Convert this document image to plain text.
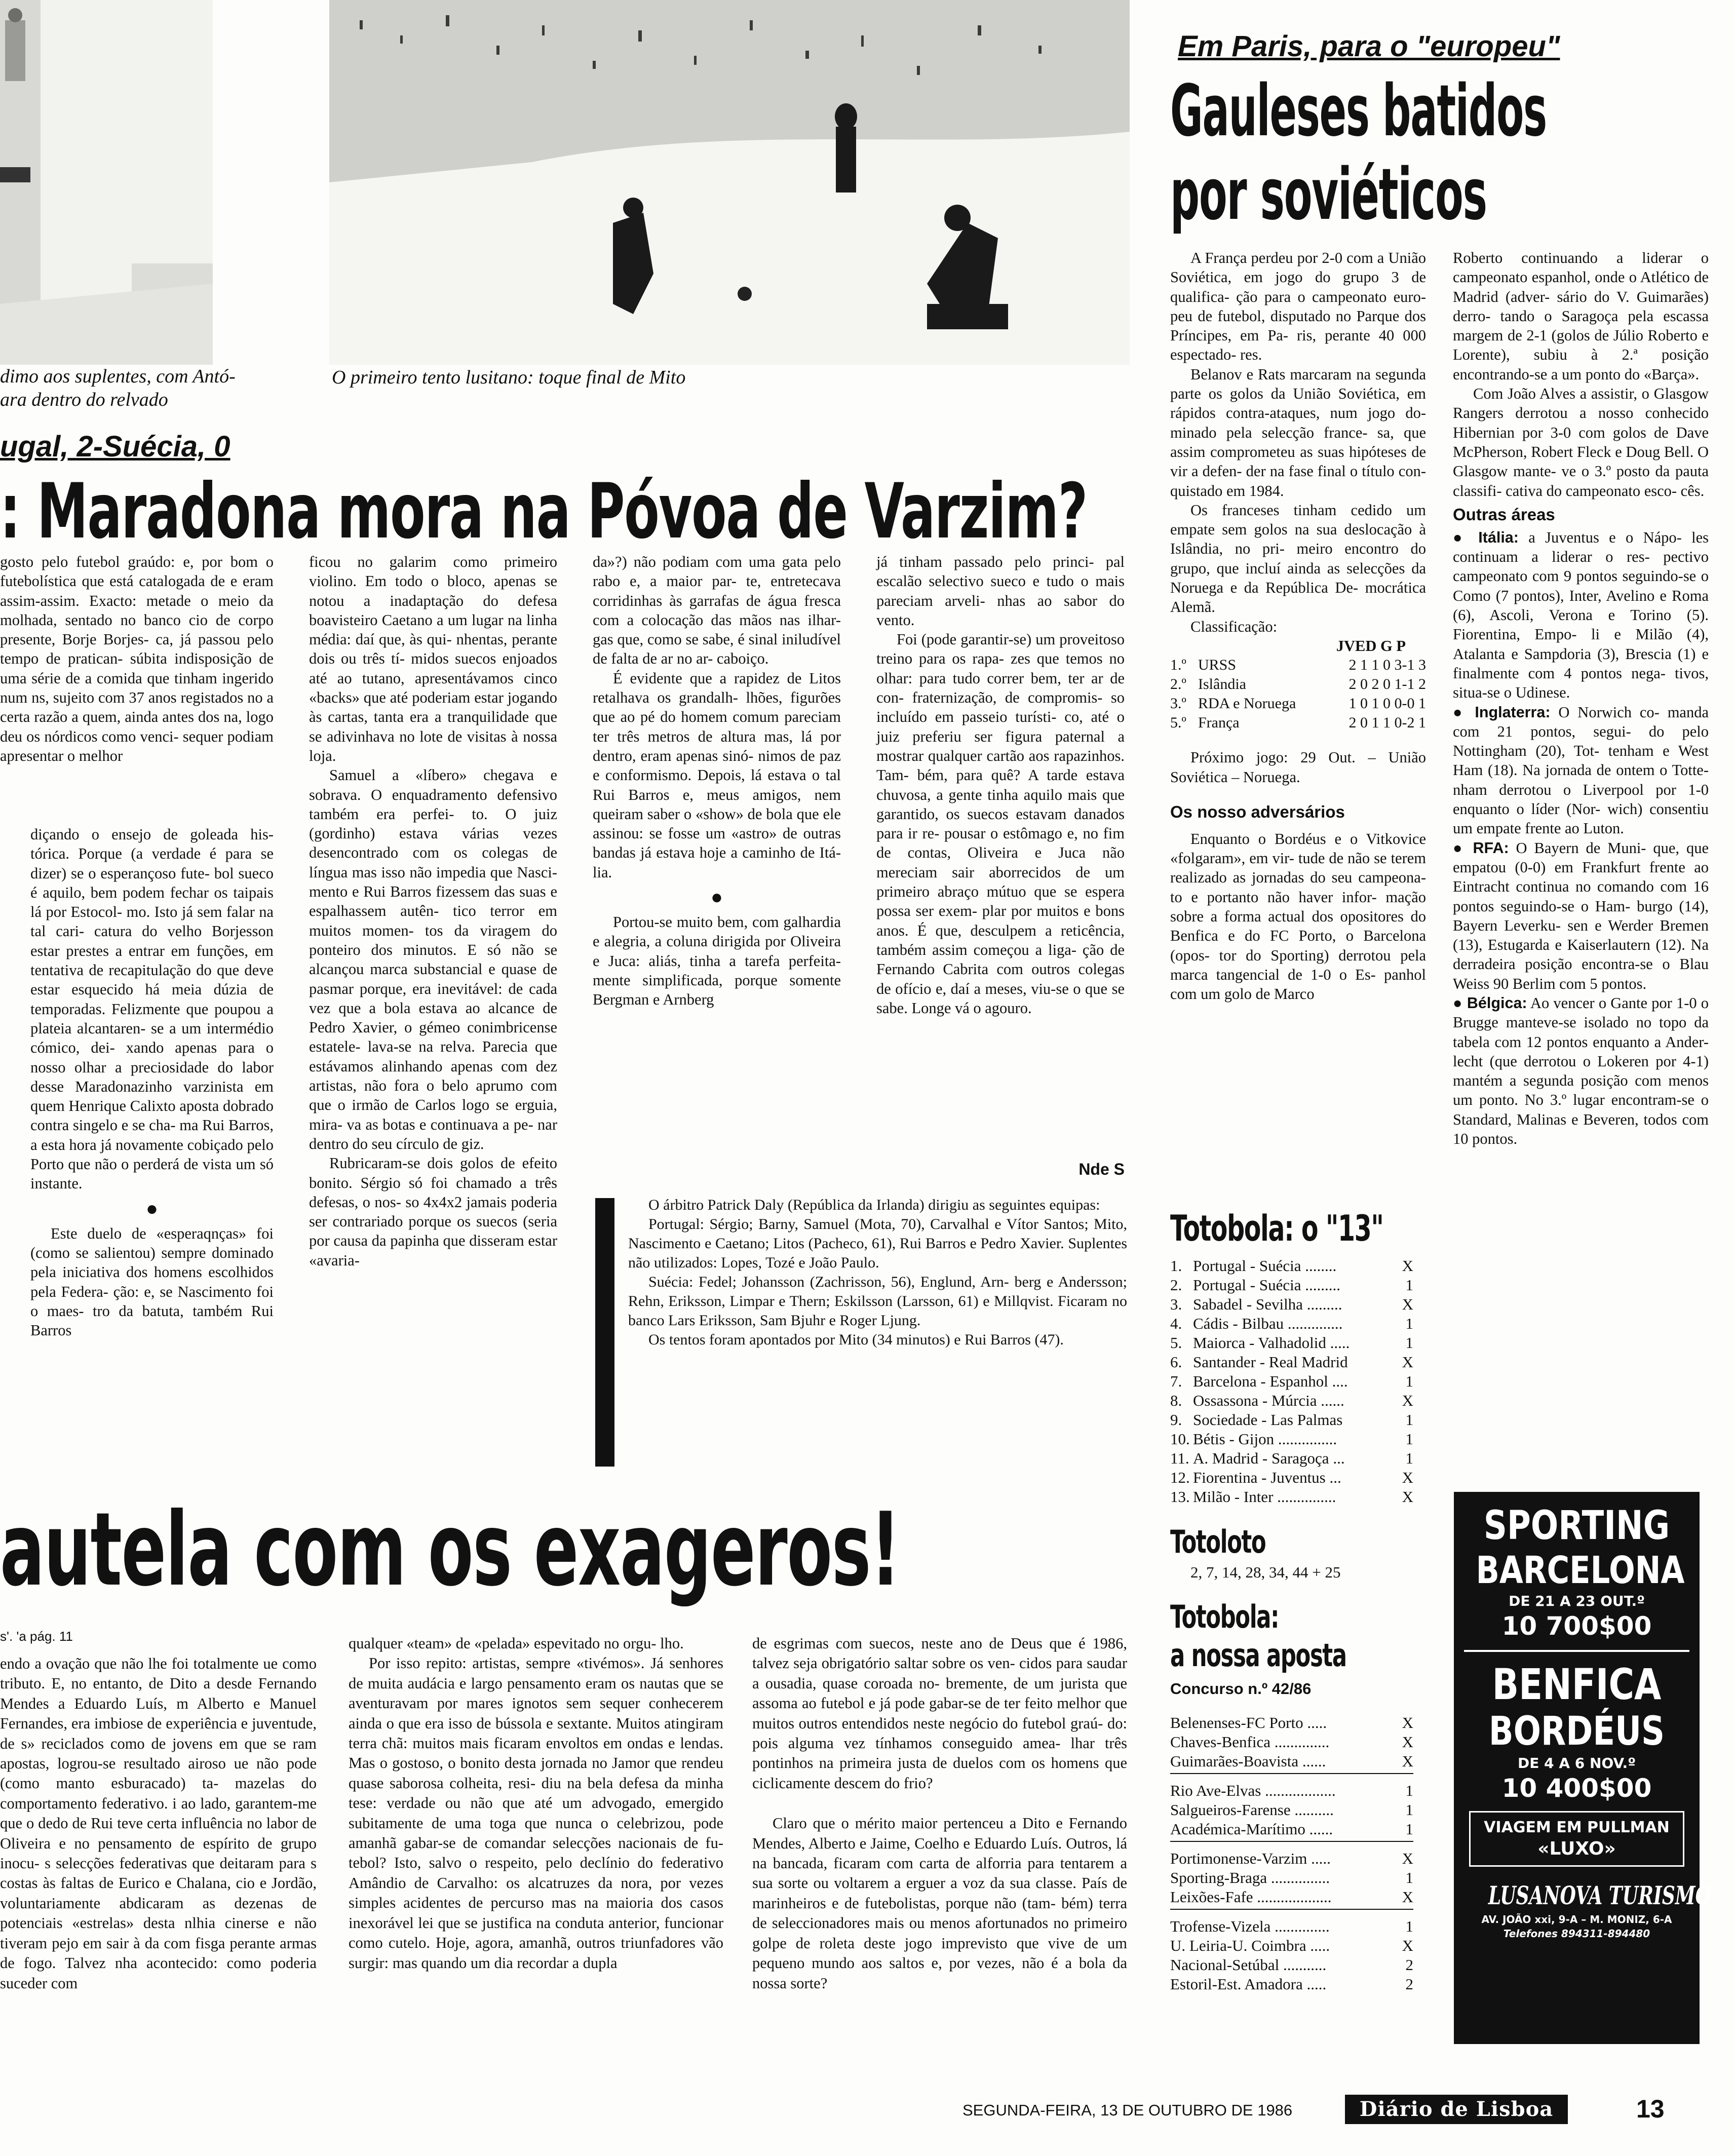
dimo aos suplentes, com Antó-
ara dentro do relvado
O primeiro tento lusitano: toque final de Mito
ugal, 2-Suécia, 0
: Maradona mora na Póvoa de Varzim?

gosto pelo futebol graúdo: e, por bom o futebolística que está catalogada de e eram assim-assim. Exacto: metade o meio da molhada, sentado no banco cio de corpo presente, Borje Borjes- ca, já passou pelo tempo de pratican- súbita indisposição de uma série de a comida que tinham ingerido num ns, sujeito com 37 anos registados no a certa razão a quem, ainda antes dos na, logo deu os nórdicos como venci- sequer podiam apresentar o melhor

diçando o ensejo de goleada his- tórica. Porque (a verdade é para se dizer) se o esperançoso fute- bol sueco é aquilo, bem podem fechar os taipais lá por Estocol- mo. Isto já sem falar na tal cari- catura do velho Borjesson estar prestes a entrar em funções, em tentativa de recapitulação do que deve estar esquecido há meia dúzia de temporadas. Felizmente que poupou a plateia alcantaren- se a um intermédio cómico, dei- xando apenas para o nosso olhar a preciosidade do labor desse Maradonazinho varzinista em quem Henrique Calixto aposta dobrado contra singelo e se cha- ma Rui Barros, a esta hora já novamente cobiçado pelo Porto que não o perderá de vista um só instante.

●

Este duelo de «esperaqnças» foi (como se salientou) sempre dominado pela iniciativa dos homens escolhidos pela Federa- ção: e, se Nascimento foi o maes- tro da batuta, também Rui Barros

ficou no galarim como primeiro violino. Em todo o bloco, apenas se notou a inadaptação do defesa boavisteiro Caetano a um lugar na linha média: daí que, às qui- nhentas, perante dois ou três tí- midos suecos enjoados até ao tutano, apresentávamos cinco «backs» que até poderiam estar jogando às cartas, tanta era a tranquilidade que se adivinhava no lote de visitas à nossa loja.

Samuel a «líbero» chegava e sobrava. O enquadramento defensivo também era perfei- to. O juiz (gordinho) estava várias vezes desencontrado com os colegas de língua mas isso não impedia que Nasci- mento e Rui Barros fizessem das suas e espalhassem autên- tico terror em muitos momen- tos da viragem do ponteiro dos minutos. E só não se alcançou marca substancial e quase de pasmar porque, era inevitável: de cada vez que a bola estava ao alcance de Pedro Xavier, o gémeo conimbricense estatele- lava-se na relva. Parecia que estávamos alinhando apenas com dez artistas, não fora o belo aprumo com que o irmão de Carlos logo se erguia, mira- va as botas e continuava a pe- nar dentro do seu círculo de giz.

Rubricaram-se dois golos de efeito bonito. Sérgio só foi chamado a três defesas, o nos- so 4x4x2 jamais poderia ser contrariado porque os suecos (seria por causa da papinha que disseram estar «avaria-

da»?) não podiam com uma gata pelo rabo e, a maior par- te, entretecava corridinhas às garrafas de água fresca com a colocação das mãos nas ilhar- gas que, como se sabe, é sinal iniludível de falta de ar no ar- caboiço.

É evidente que a rapidez de Litos retalhava os grandalh- lhões, figurões que ao pé do homem comum pareciam ter três metros de altura mas, lá por dentro, eram apenas sinó- nimos de paz e conformismo. Depois, lá estava o tal Rui Barros e, meus amigos, nem queiram saber o «show» de bola que ele assinou: se fosse um «astro» de outras bandas já estava hoje a caminho de Itá- lia.

●

Portou-se muito bem, com galhardia e alegria, a coluna dirigida por Oliveira e Juca: aliás, tinha a tarefa perfeita- mente simplificada, porque somente Bergman e Arnberg

já tinham passado pelo princi- pal escalão selectivo sueco e tudo o mais pareciam arveli- nhas ao sabor do vento.

Foi (pode garantir-se) um proveitoso treino para os rapa- zes que temos no olhar: para tudo correr bem, ter ar de con- fraternização, de compromis- so incluído em passeio turísti- co, até o juiz preferiu ser figura paternal a mostrar qualquer cartão aos rapazinhos. Tam- bém, para quê? A tarde estava chuvosa, a gente tinha aquilo mais que garantido, os suecos estavam danados para ir re- pousar o estômago e, no fim de contas, Oliveira e Juca não mereciam sair aborrecidos de um primeiro abraço mútuo que se espera possa ser exem- plar por muitos e bons anos. É que, desculpem a reticência, também assim começou a liga- ção de Fernando Cabrita com outros colegas de ofício e, daí a meses, viu-se o que se sabe. Longe vá o agouro.

Nde S

O árbitro Patrick Daly (República da Irlanda) dirigiu as seguintes equipas:

Portugal: Sérgio; Barny, Samuel (Mota, 70), Carvalhal e Vítor Santos; Mito, Nascimento e Caetano; Litos (Pacheco, 61), Rui Barros e Pedro Xavier. Suplentes não utilizados: Lopes, Tozé e João Paulo.

Suécia: Fedel; Johansson (Zachrisson, 56), Englund, Arn- berg e Andersson; Rehn, Eriksson, Limpar e Thern; Eskilsson (Larsson, 61) e Millqvist. Ficaram no banco Lars Eriksson, Sam Bjuhr e Roger Ljung.

Os tentos foram apontados por Mito (34 minutos) e Rui Barros (47).

autela com os exageros!
s'. 'a pág. 11

endo a ovação que não lhe foi totalmente ue como tributo. E, no entanto, de Dito a desde Fernando Mendes a Eduardo Luís, m Alberto e Manuel Fernandes, era imbiose de experiência e juventude, de s» reciclados como de jovens em que se ram apostas, logrou-se resultado airoso ue não pode (como manto esburacado) ta- mazelas do comportamento federativo. i ao lado, garantem-me que o dedo de Rui teve certa influência no labor de Oliveira e no pensamento de espírito de grupo inocu- s selecções federativas que deitaram para s costas às faltas de Eurico e Chalana, cio e Jordão, voluntariamente abdicaram as dezenas de potenciais «estrelas» desta nlhia cinerse e não tiveram pejo em sair à da com fisga perante armas de fogo. Talvez nha acontecido: como poderia suceder com

qualquer «team» de «pelada» espevitado no orgu- lho.

Por isso repito: artistas, sempre «tivémos». Já senhores de muita audácia e largo pensamento eram os nautas que se aventuravam por mares ignotos sem sequer conhecerem ainda o que era isso de bússola e sextante. Muitos atingiram terra chã: muitos mais ficaram envoltos em ondas e lendas. Mas o gostoso, o bonito desta jornada no Jamor que rendeu quase saborosa colheita, resi- diu na bela defesa da minha tese: verdade ou não que até um advogado, emergido subitamente de uma toga que nunca o celebrizou, pode amanhã gabar-se de comandar selecções nacionais de fu- tebol? Isto, salvo o respeito, pelo declínio do federativo Amândio de Carvalho: os alcatruzes da nora, por vezes simples acidentes de percurso mas na maioria dos casos inexorável lei que se justifica na conduta anterior, funcionar como cutelo. Hoje, agora, amanhã, outros triunfadores vão surgir: mas quando um dia recordar a dupla

de esgrimas com suecos, neste ano de Deus que é 1986, talvez seja obrigatório saltar sobre os ven- cidos para saudar a ousadia, quase coroada no- bremente, de um jurista que assoma ao futebol e já pode gabar-se de ter feito melhor que muitos outros entendidos neste negócio do futebol graú- do: pois alguma vez tínhamos conseguido amea- lhar três pontinhos na primeira justa de duelos com os homens que ciclicamente descem do frio?

Claro que o mérito maior pertenceu a Dito e Fernando Mendes, Alberto e Jaime, Coelho e Eduardo Luís. Outros, lá na bancada, ficaram com carta de alforria para tentarem a sua sorte ou voltarem a erguer a voz da sua classe. País de marinheiros e de futebolistas, porque não (tam- bém) terra de seleccionadores mais ou menos afortunados no primeiro golpe de roleta deste jogo imprevisto que vive de um pequeno mundo aos saltos e, por vezes, não é a bola da nossa sorte?

Em Paris, para o "europeu"
Gauleses batidos
por soviéticos

A França perdeu por 2-0 com a União Soviética, em jogo do grupo 3 de qualifica- ção para o campeonato euro- peu de futebol, disputado no Parque dos Príncipes, em Pa- ris, perante 40 000 espectado- res.

Belanov e Rats marcaram na segunda parte os golos da União Soviética, em rápidos contra-ataques, num jogo do- minado pela selecção france- sa, que assim comprometeu as suas hipóteses de vir a defen- der na fase final o título con- quistado em 1984.

Os franceses tinham cedido um empate sem golos na sua deslocação à Islândia, no pri- meiro encontro do grupo, que incluí ainda as selecções da Noruega e da República De- mocrática Alemã.

Classificação:

JVED G P
1.º	URSS	2 1 1 0 3-1 3
2.º	Islândia	2 0 2 0 1-1 2
3.º	RDA e Noruega	1 0 1 0 0-0 1
5.º	França	2 0 1 1 0-2 1

Próximo jogo: 29 Out. – União Soviética – Noruega.

Os nosso adversários

Enquanto o Bordéus e o Vitkovice «folgaram», em vir- tude de não se terem realizado as jornadas do seu campeona- to e portanto não haver infor- mação sobre a forma actual dos opositores do Benfica e do FC Porto, o Barcelona (opos- tor do Sporting) derrotou pela marca tangencial de 1-0 o Es- panhol com um golo de Marco

Roberto continuando a liderar o campeonato espanhol, onde o Atlético de Madrid (adver- sário do V. Guimarães) derro- tando o Saragoça pela escassa margem de 2-1 (golos de Júlio Roberto e Lorente), subiu à 2.ª posição encontrando-se a um ponto do «Barça».

Com João Alves a assistir, o Glasgow Rangers derrotou a nosso conhecido Hibernian por 3-0 com golos de Dave McPherson, Robert Fleck e Doug Bell. O Glasgow mante- ve o 3.º posto da pauta classifi- cativa do campeonato esco- cês.

Outras áreas

● Itália: a Juventus e o Nápo- les continuam a liderar o res- pectivo campeonato com 9 pontos seguindo-se o Como (7 pontos), Inter, Avelino e Roma (6), Ascoli, Verona e Torino (5). Fiorentina, Empo- li e Milão (4), Atalanta e Sampdoria (3), Brescia (1) e finalmente com 4 pontos nega- tivos, situa-se o Udinese.

● Inglaterra: O Norwich co- manda com 21 pontos, segui- do pelo Nottingham (20), Tot- tenham e West Ham (18). Na jornada de ontem o Totte- nham derrotou o Liverpool por 1-0 enquanto o líder (Nor- wich) consentiu um empate frente ao Luton.

● RFA: O Bayern de Muni- que, que empatou (0-0) em Frankfurt frente ao Eintracht continua no comando com 16 pontos seguindo-se o Ham- burgo (14), Bayern Leverku- sen e Werder Bremen (13), Estugarda e Kaiserlautern (12). Na derradeira posição encontra-se o Blau Weiss 90 Berlim com 5 pontos.

● Bélgica: Ao vencer o Gante por 1-0 o Brugge manteve-se isolado no topo da tabela com 12 pontos enquanto a Ander- lecht (que derrotou o Lokeren por 4-1) mantém a segunda posição com menos um ponto. No 3.º lugar encontram-se o Standard, Malinas e Beveren, todos com 10 pontos.

Totobola: o "13"
1. Portugal - Suécia ........	X
2. Portugal - Suécia .........	1
3. Sabadel - Sevilha .........	X
4. Cádis - Bilbau ..............	1
5. Maiorca - Valhadolid .....	1
6. Santander - Real Madrid	X
7. Barcelona - Espanhol ....	1
8. Ossassona - Múrcia ......	X
9. Sociedade - Las Palmas	1
10. Bétis - Gijon ...............	1
11. A. Madrid - Saragoça ...	1
12. Fiorentina - Juventus ...	X
13. Milão - Inter ...............	X
Totoloto
2, 7, 14, 28, 34, 44 + 25
Totobola:
a nossa aposta
Concurso n.º 42/86
Belenenses-FC Porto .....	X
Chaves-Benfica ..............	X
Guimarães-Boavista ......	X
Rio Ave-Elvas ..................	1
Salgueiros-Farense ..........	1
Académica-Marítimo ......	1
Portimonense-Varzim .....	X
Sporting-Braga ...............	1
Leixões-Fafe ...................	X
Trofense-Vizela ..............	1
U. Leiria-U. Coimbra .....	X
Nacional-Setúbal ...........	2
Estoril-Est. Amadora .....	2
SPORTING
BARCELONA
DE 21 A 23 OUT.º
10 700$00
BENFICA
BORDÉUS
DE 4 A 6 NOV.º
10 400$00
VIAGEM EM PULLMAN
«LUXO»
LUSANOVA TURISMO
AV. JOÃO xxi, 9-A – M. MONIZ, 6-A
Telefones 894311-894480
SEGUNDA-FEIRA, 13 DE OUTUBRO DE 1986	Diário de Lisboa	13
